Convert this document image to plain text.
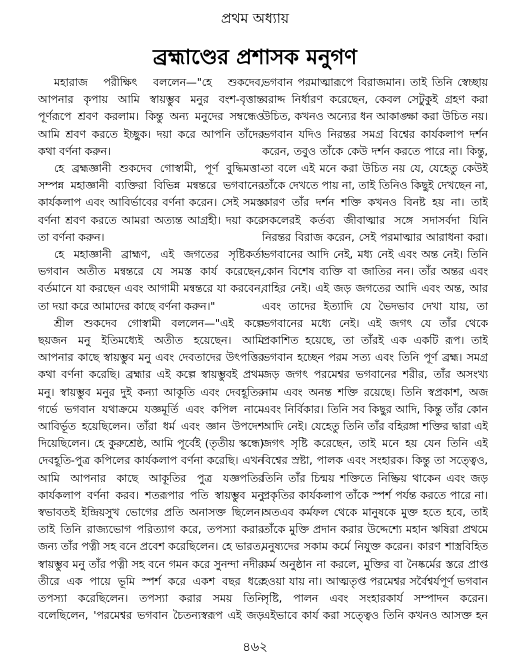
প্রথম অধ্যায়
ব্রহ্মাণ্ডের প্রশাসক মনুগণ

মহারাজ পরীক্ষিৎ বললেন—"হে শুকদেব, আপনার কৃপায় আমি স্বায়ম্ভুব মনুর বংশ-বৃত্তান্ত পূর্ণরূপে শ্রবণ করলাম। কিন্তু অন্য মনুদের সম্বন্ধেও আমি শ্রবণ করতে ইচ্ছুক। দয়া করে আপনি তাঁদের কথা বর্ণনা করুন।

হে ব্রহ্মজ্ঞানী শুকদেব গোস্বামী, পূর্ণ বুদ্ধিমত্তা-সম্পন্ন মহাজ্ঞানী ব্যক্তিরা বিভিন্ন মন্বন্তরে ভগবানের কার্যকলাপ এবং আবির্ভাবের বর্ণনা করেন। সেই সমস্ত বর্ণনা শ্রবণ করতে আমরা অত্যন্ত আগ্রহী। দয়া করে তা বর্ণনা করুন।

হে মহাজ্ঞানী ব্রাহ্মণ, এই জগতের সৃষ্টিকর্তা ভগবান অতীত মন্বন্তরে যে সমস্ত কার্য করেছেন, বর্তমানে যা করছেন এবং আগামী মন্বন্তরে যা করবেন, তা দয়া করে আমাদের কাছে বর্ণনা করুন।"

শ্রীল শুকদেব গোস্বামী বললেন—"এই কল্পে ছয়জন মনু ইতিমধ্যেই অতীত হয়েছেন। আমি আপনার কাছে স্বায়ম্ভুব মনু এবং দেবতাদের উৎপত্তির কথা বর্ণনা করেছি। ব্রহ্মার এই কল্পে স্বায়ম্ভুবই প্রথম মনু। স্বায়ম্ভুব মনুর দুই কন্যা আকূতি এবং দেবহূতির গর্ভে ভগবান যথাক্রমে যজ্ঞমূর্তি এবং কপিল নামে আবির্ভূত হয়েছিলেন। তাঁরা ধর্ম এবং জ্ঞান উপদেশ দিয়েছিলেন। হে কুরুশ্রেষ্ঠ, আমি পূর্বেই (তৃতীয় স্কন্ধে) দেবহূতি-পুত্র কপিলের কার্যকলাপ বর্ণনা করেছি। এখন আমি আপনার কাছে আকূতির পুত্র যজ্ঞপতির কার্যকলাপ বর্ণনা করব। শতরূপার পতি স্বায়ম্ভুব মনু স্বভাবতই ইন্দ্রিয়সুখ ভোগের প্রতি অনাসক্ত ছিলেন। তাই তিনি রাজ্যভোগ পরিত্যাগ করে, তপস্যা করার জন্য তাঁর পত্নী সহ বনে প্রবেশ করেছিলেন। হে ভারত, স্বায়ম্ভুব মনু তাঁর পত্নী সহ বনে গমন করে সুনন্দা নদীর তীরে এক পায়ে ভূমি স্পর্শ করে একশ বছর ধরে তপস্যা করেছিলেন। তপস্যা করার সময় তিনি বলেছিলেন, 'পরমেশ্বর ভগবান চৈতন্যস্বরূপ এই জড়

ভগবান পরমাত্মারূপে বিরাজমান। তাই তিনি স্বেচ্ছায় বরাদ্দ নির্ধারণ করেছেন, কেবল সেটুকুই গ্রহণ করা উচিত, কখনও অন্যের ধন আকাঙ্ক্ষা করা উচিত নয়। ভগবান যদিও নিরন্তর সমগ্র বিশ্বের কার্যকলাপ দর্শন করেন, তবুও তাঁকে কেউ দর্শন করতে পারে না। কিন্তু, তা বলে এই মনে করা উচিত নয় যে, যেহেতু কেউই তাঁকে দেখতে পায় না, তাই তিনিও কিছুই দেখছেন না, কারণ তাঁর দর্শন শক্তি কখনও বিনষ্ট হয় না। তাই সকলেরই কর্তব্য জীবাত্মার সঙ্গে সদাসর্বদা যিনি নিরন্তর বিরাজ করেন, সেই পরমাত্মার আরাধনা করা। ভগবানের আদি নেই, মধ্য নেই এবং অন্ত নেই। তিনি কোন বিশেষ ব্যক্তি বা জাতির নন। তাঁর অন্তর এবং বাহির নেই। এই জড় জগতের আদি এবং অন্ত, আর এবং তাদের ইত্যাদি যে ভৈদভাব দেখা যায়, তা ভগবানের মধ্যে নেই। এই জগৎ যে তাঁর থেকে প্রকাশিত হয়েছে, তা তাঁরই এক একটি রূপ। তাই ভগবান হচ্ছেন পরম সত্য এবং তিনি পূর্ণ ব্রহ্ম। সমগ্র জড় জগৎ পরমেশ্বর ভগবানের শরীর, তাঁর অসংখ্য নাম এবং অনন্ত শক্তি রয়েছে। তিনি স্বপ্রকাশ, অজ এবং নির্বিকার। তিনি সব কিছুর আদি, কিন্তু তাঁর কোন আদি নেই। যেহেতু তিনি তাঁর বহিরঙ্গা শক্তির দ্বারা এই জগৎ সৃষ্টি করেছেন, তাই মনে হয় যেন তিনি এই বিশ্বের স্রষ্টা, পালক এবং সংহারক। কিন্তু তা সত্ত্বেও, তিনি তাঁর চিন্ময় শক্তিতে নিষ্ক্রিয় থাকেন এবং জড় প্রকৃতির কার্যকলাপ তাঁকে স্পর্শ পর্যন্ত করতে পারে না। অতএব কর্মফল থেকে মানুষকে মুক্ত হতে হবে, তাই তাঁকে মুক্তি প্রদান করার উদ্দেশ্যে মহান ঋষিরা প্রথমে মনুষ্যদের সকাম কর্মে নিযুক্ত করেন। কারণ শাস্ত্রবিহিত কর্ম অনুষ্ঠান না করলে, মুক্তির বা নৈষ্কর্মের স্তরে প্রাপ্ত হওয়া যায় না। আত্মতৃপ্ত পরমেশ্বর সর্বৈশ্বর্যপূর্ণ ভগবান সৃষ্টি, পালন এবং সংহারকার্য সম্পাদন করেন। এইভাবে কার্য করা সত্ত্বেও তিনি কখনও আসক্ত হন

৪৬২
